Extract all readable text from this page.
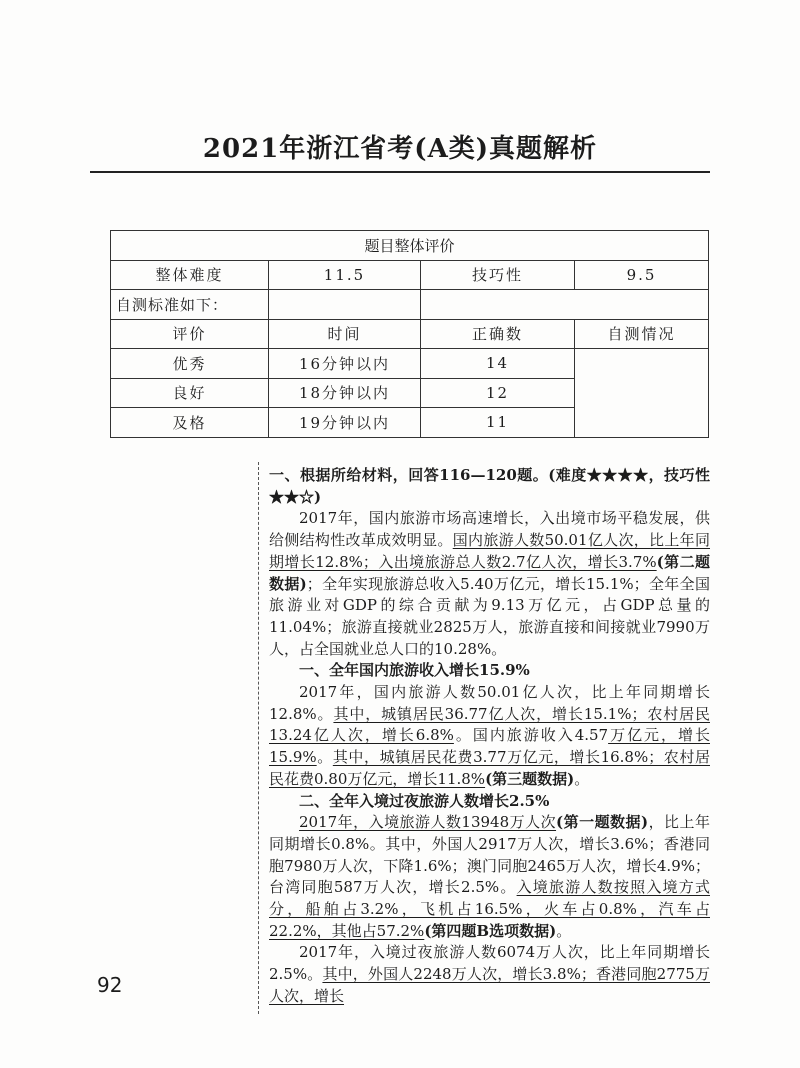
2021年浙江省考(A类)真题解析
题目整体评价			
整体难度	11.5	技巧性	9.5
自测标准如下：			
评价	时间	正确数	自测情况
优秀	16分钟以内	14	
良好	18分钟以内	12	
及格	19分钟以内	11	

一、根据所给材料，回答116—120题。(难度★★★★，技巧性★★☆)

2017年，国内旅游市场高速增长，入出境市场平稳发展，供给侧结构性改革成效明显。国内旅游人数50.01亿人次，比上年同期增长12.8%；入出境旅游总人数2.7亿人次，增长3.7%(第二题数据)；全年实现旅游总收入5.40万亿元，增长15.1%；全年全国旅游业对GDP的综合贡献为9.13万亿元，占GDP总量的11.04%；旅游直接就业2825万人，旅游直接和间接就业7990万人，占全国就业总人口的10.28%。

一、全年国内旅游收入增长15.9%

2017年，国内旅游人数50.01亿人次，比上年同期增长12.8%。其中，城镇居民36.77亿人次，增长15.1%；农村居民13.24亿人次，增长6.8%。国内旅游收入4.57万亿元，增长15.9%。其中，城镇居民花费3.77万亿元，增长16.8%；农村居民花费0.80万亿元，增长11.8%(第三题数据)。

二、全年入境过夜旅游人数增长2.5%

2017年，入境旅游人数13948万人次(第一题数据)，比上年同期增长0.8%。其中，外国人2917万人次，增长3.6%；香港同胞7980万人次，下降1.6%；澳门同胞2465万人次，增长4.9%；台湾同胞587万人次，增长2.5%。入境旅游人数按照入境方式分，船舶占3.2%，飞机占16.5%，火车占0.8%，汽车占22.2%，其他占57.2%(第四题B选项数据)。

2017年，入境过夜旅游人数6074万人次，比上年同期增长2.5%。其中，外国人2248万人次，增长3.8%；香港同胞2775万人次，增长

92
